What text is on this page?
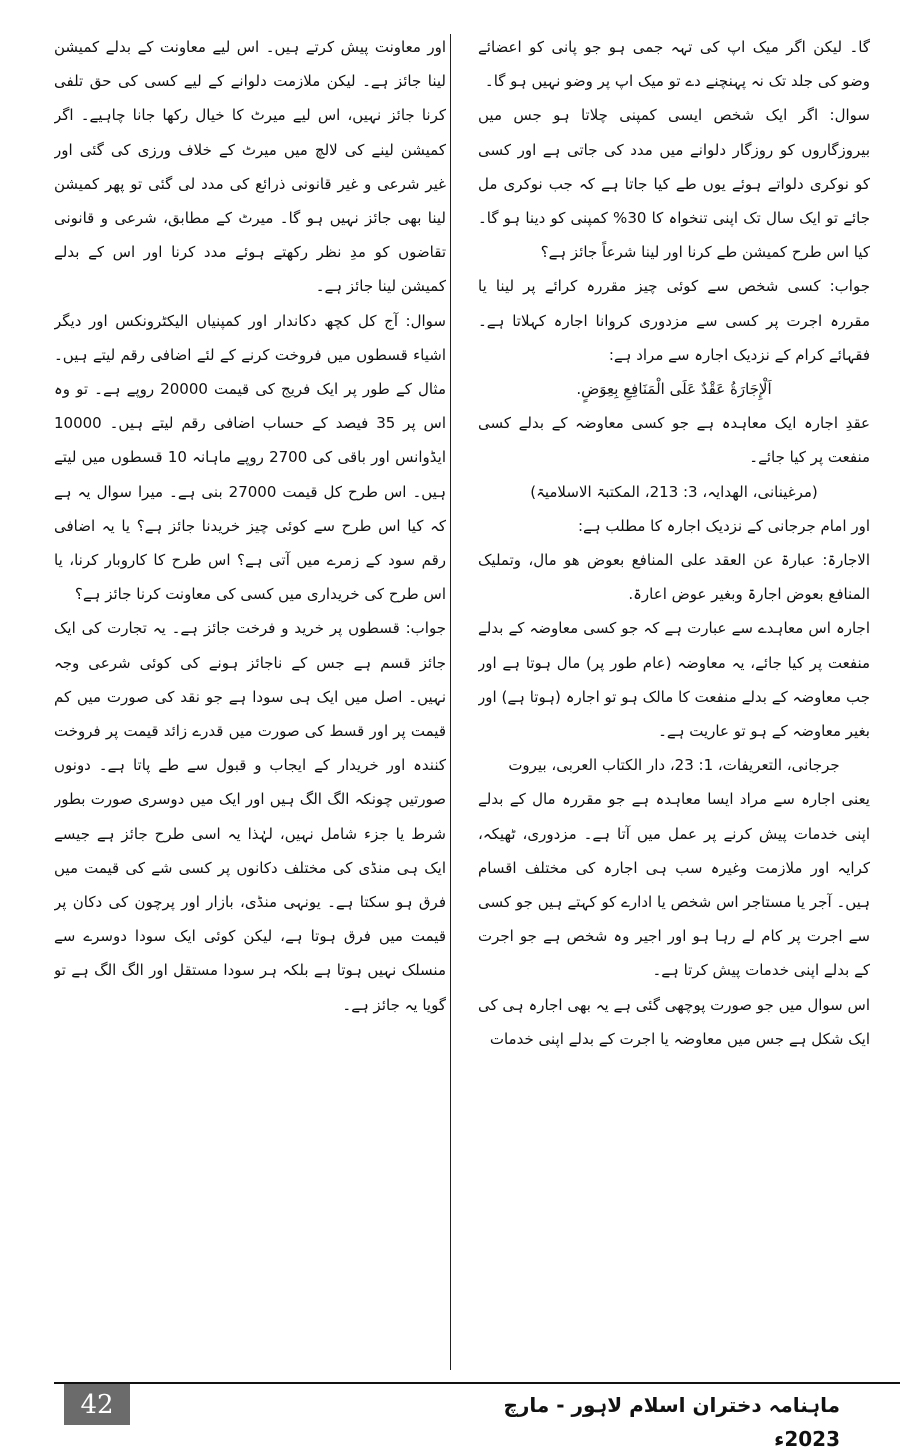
گا۔ لیکن اگر میک اپ کی تہہ جمی ہو جو پانی کو اعضائے وضو کی جلد تک نہ پہنچنے دے تو میک اپ پر وضو نہیں ہو گا۔

سوال: اگر ایک شخص ایسی کمپنی چلاتا ہو جس میں بیروزگاروں کو روزگار دلوانے میں مدد کی جاتی ہے اور کسی کو نوکری دلواتے ہوئے یوں طے کیا جاتا ہے کہ جب نوکری مل جائے تو ایک سال تک اپنی تنخواہ کا 30% کمپنی کو دینا ہو گا۔ کیا اس طرح کمیشن طے کرنا اور لینا شرعاً جائز ہے؟

جواب: کسی شخص سے کوئی چیز مقررہ کرائے پر لینا یا مقررہ اجرت پر کسی سے مزدوری کروانا اجارہ کہلاتا ہے۔ فقہائے کرام کے نزدیک اجارہ سے مراد ہے:

اَلْإِجَارَةُ عَقْدٌ عَلَى الْمَنَافِعِ بِعِوَضٍ.

عقدِ اجارہ ایک معاہدہ ہے جو کسی معاوضہ کے بدلے کسی منفعت پر کیا جائے۔

(مرغینانی، الھدایہ، 3: 213، المکتبۃ الاسلامیۃ)

اور امام جرجانی کے نزدیک اجارہ کا مطلب ہے:

الاجارۃ: عبارۃ عن العقد علی المنافع بعوض ھو مال، وتملیک المنافع بعوض اجارۃ وبغیر عوض اعارۃ.

اجارہ اس معاہدے سے عبارت ہے کہ جو کسی معاوضہ کے بدلے منفعت پر کیا جائے، یہ معاوضہ (عام طور پر) مال ہوتا ہے اور جب معاوضہ کے بدلے منفعت کا مالک ہو تو اجارہ (ہوتا ہے) اور بغیر معاوضہ کے ہو تو عاریت ہے۔

جرجانی، التعریفات، 1: 23، دار الکتاب العربی، بیروت

یعنی اجارہ سے مراد ایسا معاہدہ ہے جو مقررہ مال کے بدلے اپنی خدمات پیش کرنے پر عمل میں آتا ہے۔ مزدوری، ٹھیکہ، کرایہ اور ملازمت وغیرہ سب ہی اجارہ کی مختلف اقسام ہیں۔ آجر یا مستاجر اس شخص یا ادارے کو کہتے ہیں جو کسی سے اجرت پر کام لے رہا ہو اور اجیر وہ شخص ہے جو اجرت کے بدلے اپنی خدمات پیش کرتا ہے۔

اس سوال میں جو صورت پوچھی گئی ہے یہ بھی اجارہ ہی کی ایک شکل ہے جس میں معاوضہ یا اجرت کے بدلے اپنی خدمات

اور معاونت پیش کرتے ہیں۔ اس لیے معاونت کے بدلے کمیشن لینا جائز ہے۔ لیکن ملازمت دلوانے کے لیے کسی کی حق تلفی کرنا جائز نہیں، اس لیے میرٹ کا خیال رکھا جانا چاہیے۔ اگر کمیشن لینے کی لالچ میں میرٹ کے خلاف ورزی کی گئی اور غیر شرعی و غیر قانونی ذرائع کی مدد لی گئی تو پھر کمیشن لینا بھی جائز نہیں ہو گا۔ میرٹ کے مطابق، شرعی و قانونی تقاضوں کو مدِ نظر رکھتے ہوئے مدد کرنا اور اس کے بدلے کمیشن لینا جائز ہے۔

سوال: آج کل کچھ دکاندار اور کمپنیاں الیکٹرونکس اور دیگر اشیاء قسطوں میں فروخت کرنے کے لئے اضافی رقم لیتے ہیں۔ مثال کے طور پر ایک فریج کی قیمت 20000 روپے ہے۔ تو وہ اس پر 35 فیصد کے حساب اضافی رقم لیتے ہیں۔ 10000 ایڈوانس اور باقی کی 2700 روپے ماہانہ 10 قسطوں میں لیتے ہیں۔ اس طرح کل قیمت 27000 بنی ہے۔ میرا سوال یہ ہے کہ کیا اس طرح سے کوئی چیز خریدنا جائز ہے؟ یا یہ اضافی رقم سود کے زمرے میں آتی ہے؟ اس طرح کا کاروبار کرنا، یا اس طرح کی خریداری میں کسی کی معاونت کرنا جائز ہے؟

جواب: قسطوں پر خرید و فرخت جائز ہے۔ یہ تجارت کی ایک جائز قسم ہے جس کے ناجائز ہونے کی کوئی شرعی وجہ نہیں۔ اصل میں ایک ہی سودا ہے جو نقد کی صورت میں کم قیمت پر اور قسط کی صورت میں قدرے زائد قیمت پر فروخت کنندہ اور خریدار کے ایجاب و قبول سے طے پاتا ہے۔ دونوں صورتیں چونکہ الگ الگ ہیں اور ایک میں دوسری صورت بطور شرط یا جزء شامل نہیں، لہٰذا یہ اسی طرح جائز ہے جیسے ایک ہی منڈی کی مختلف دکانوں پر کسی شے کی قیمت میں فرق ہو سکتا ہے۔ یونہی منڈی، بازار اور پرچون کی دکان پر قیمت میں فرق ہوتا ہے، لیکن کوئی ایک سودا دوسرے سے منسلک نہیں ہوتا ہے بلکہ ہر سودا مستقل اور الگ الگ ہے تو گویا یہ جائز ہے۔

42	ماہنامہ دختران اسلام لاہور - مارچ 2023ء
